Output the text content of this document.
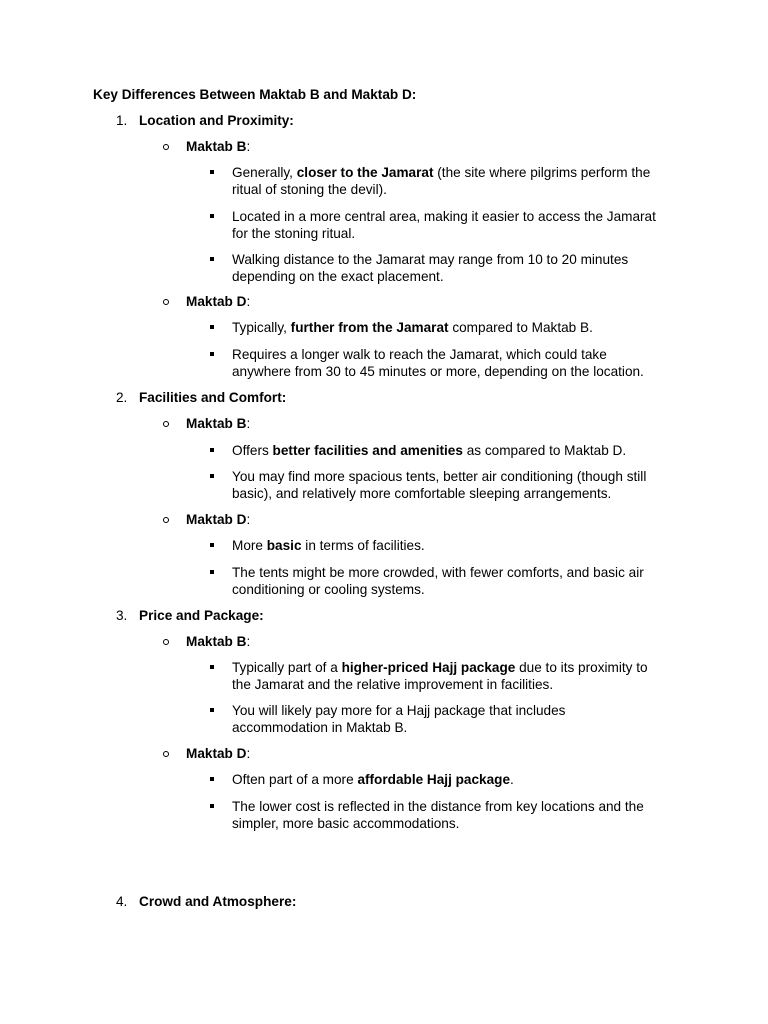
Key Differences Between Maktab B and Maktab D:
1. Location and Proximity:
Maktab B:
Generally, closer to the Jamarat (the site where pilgrims perform the
ritual of stoning the devil).
Located in a more central area, making it easier to access the Jamarat
for the stoning ritual.
Walking distance to the Jamarat may range from 10 to 20 minutes
depending on the exact placement.
Maktab D:
Typically, further from the Jamarat compared to Maktab B.
Requires a longer walk to reach the Jamarat, which could take
anywhere from 30 to 45 minutes or more, depending on the location.
2. Facilities and Comfort:
Maktab B:
Offers better facilities and amenities as compared to Maktab D.
You may find more spacious tents, better air conditioning (though still
basic), and relatively more comfortable sleeping arrangements.
Maktab D:
More basic in terms of facilities.
The tents might be more crowded, with fewer comforts, and basic air
conditioning or cooling systems.
3. Price and Package:
Maktab B:
Typically part of a higher-priced Hajj package due to its proximity to
the Jamarat and the relative improvement in facilities.
You will likely pay more for a Hajj package that includes
accommodation in Maktab B.
Maktab D:
Often part of a more affordable Hajj package.
The lower cost is reflected in the distance from key locations and the
simpler, more basic accommodations.
4. Crowd and Atmosphere:
